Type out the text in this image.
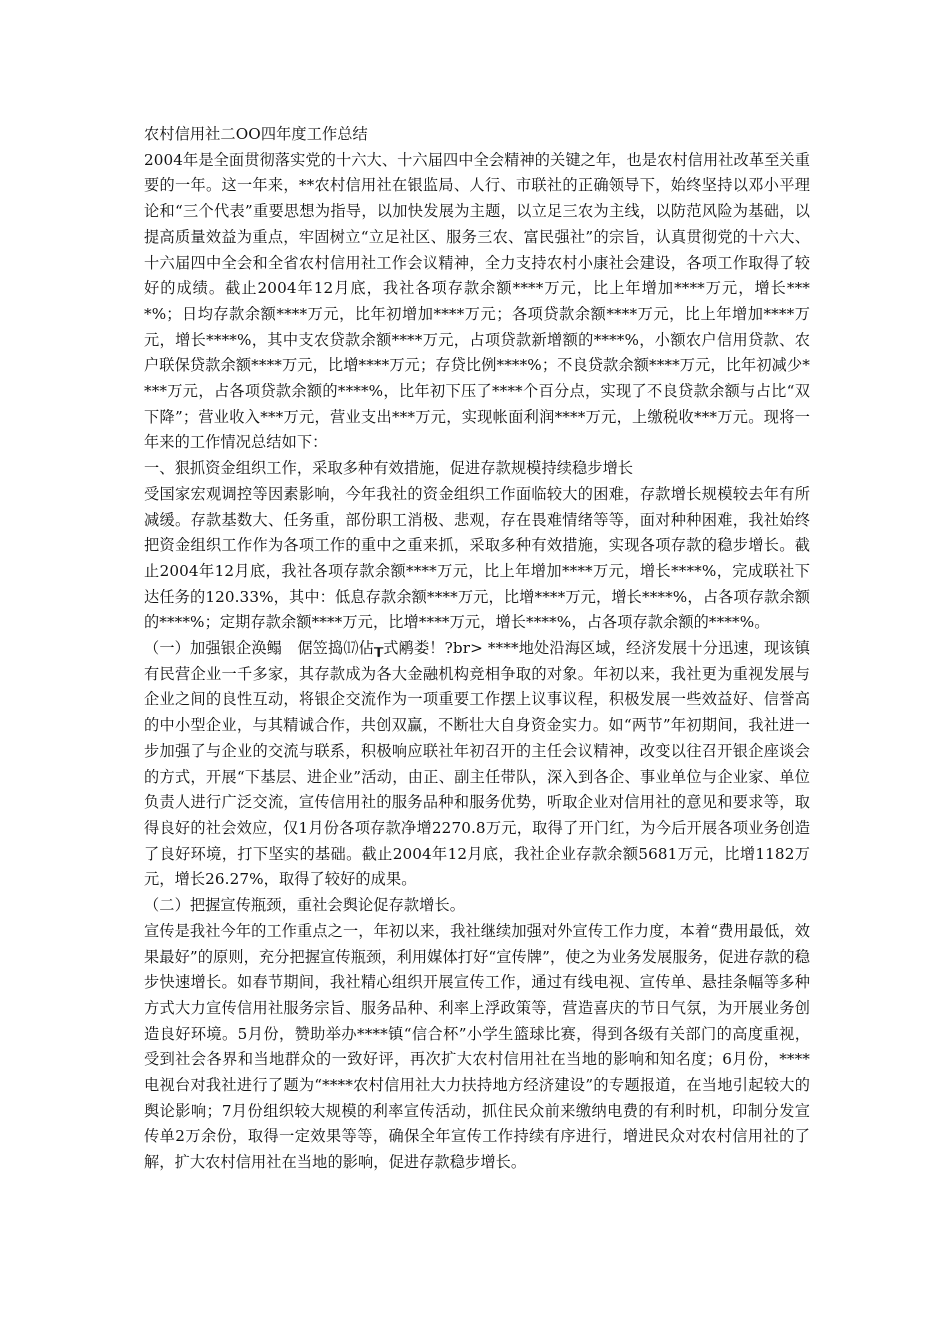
农村信用社二OO四年度工作总结

2004年是全面贯彻落实党的十六大、十六届四中全会精神的关键之年，也是农村信用社改革至关重要的一年。这一年来，**农村信用社在银监局、人行、市联社的正确领导下，始终坚持以邓小平理论和“三个代表”重要思想为指导，以加快发展为主题，以立足三农为主线，以防范风险为基础，以提高质量效益为重点，牢固树立“立足社区、服务三农、富民强社”的宗旨，认真贯彻党的十六大、十六届四中全会和全省农村信用社工作会议精神，全力支持农村小康社会建设，各项工作取得了较好的成绩。截止2004年12月底，我社各项存款余额****万元，比上年增加****万元，增长****%；日均存款余额****万元，比年初增加****万元；各项贷款余额****万元，比上年增加****万元，增长****%，其中支农贷款余额****万元，占项贷款新增额的****%，小额农户信用贷款、农户联保贷款余额****万元，比增****万元；存贷比例****%；不良贷款余额****万元，比年初减少****万元，占各项贷款余额的****%，比年初下压了****个百分点，实现了不良贷款余额与占比“双下降”；营业收入***万元，营业支出***万元，实现帐面利润****万元，上缴税收***万元。现将一年来的工作情况总结如下：

一、狠抓资金组织工作，采取多种有效措施，促进存款规模持续稳步增长

受国家宏观调控等因素影响，今年我社的资金组织工作面临较大的困难，存款增长规模较去年有所减缓。存款基数大、任务重，部份职工消极、悲观，存在畏难情绪等等，面对种种困难，我社始终把资金组织工作作为各项工作的重中之重来抓，采取多种有效措施，实现各项存款的稳步增长。截止2004年12月底，我社各项存款余额****万元，比上年增加****万元，增长****%，完成联社下达任务的120.33%，其中：低息存款余额****万元，比增****万元，增长****%，占各项存款余额的****%；定期存款余额****万元，比增****万元，增长****%，占各项存款余额的****%。

（一）加强银企涣鳎　倨笠捣⒄佔┰式鹇娄！?br> ****地处沿海区域，经济发展十分迅速，现该镇有民营企业一千多家，其存款成为各大金融机构竞相争取的对象。年初以来，我社更为重视发展与企业之间的良性互动，将银企交流作为一项重要工作摆上议事议程，积极发展一些效益好、信誉高的中小型企业，与其精诚合作，共创双赢，不断壮大自身资金实力。如“两节”年初期间，我社进一步加强了与企业的交流与联系，积极响应联社年初召开的主任会议精神，改变以往召开银企座谈会的方式，开展“下基层、进企业”活动，由正、副主任带队，深入到各企、事业单位与企业家、单位负责人进行广泛交流，宣传信用社的服务品种和服务优势，听取企业对信用社的意见和要求等，取得良好的社会效应，仅1月份各项存款净增2270.8万元，取得了开门红，为今后开展各项业务创造了良好环境，打下坚实的基础。截止2004年12月底，我社企业存款余额5681万元，比增1182万元，增长26.27%，取得了较好的成果。

（二）把握宣传瓶颈，重社会舆论促存款增长。

宣传是我社今年的工作重点之一，年初以来，我社继续加强对外宣传工作力度，本着“费用最低，效果最好”的原则，充分把握宣传瓶颈，利用媒体打好“宣传牌”，使之为业务发展服务，促进存款的稳步快速增长。如春节期间，我社精心组织开展宣传工作，通过有线电视、宣传单、悬挂条幅等多种方式大力宣传信用社服务宗旨、服务品种、利率上浮政策等，营造喜庆的节日气氛，为开展业务创造良好环境。5月份，赞助举办****镇“信合杯”小学生篮球比赛，得到各级有关部门的高度重视，受到社会各界和当地群众的一致好评，再次扩大农村信用社在当地的影响和知名度；6月份，****电视台对我社进行了题为“****农村信用社大力扶持地方经济建设”的专题报道，在当地引起较大的舆论影响；7月份组织较大规模的利率宣传活动，抓住民众前来缴纳电费的有利时机，印制分发宣传单2万余份，取得一定效果等等，确保全年宣传工作持续有序进行，增进民众对农村信用社的了解，扩大农村信用社在当地的影响，促进存款稳步增长。
